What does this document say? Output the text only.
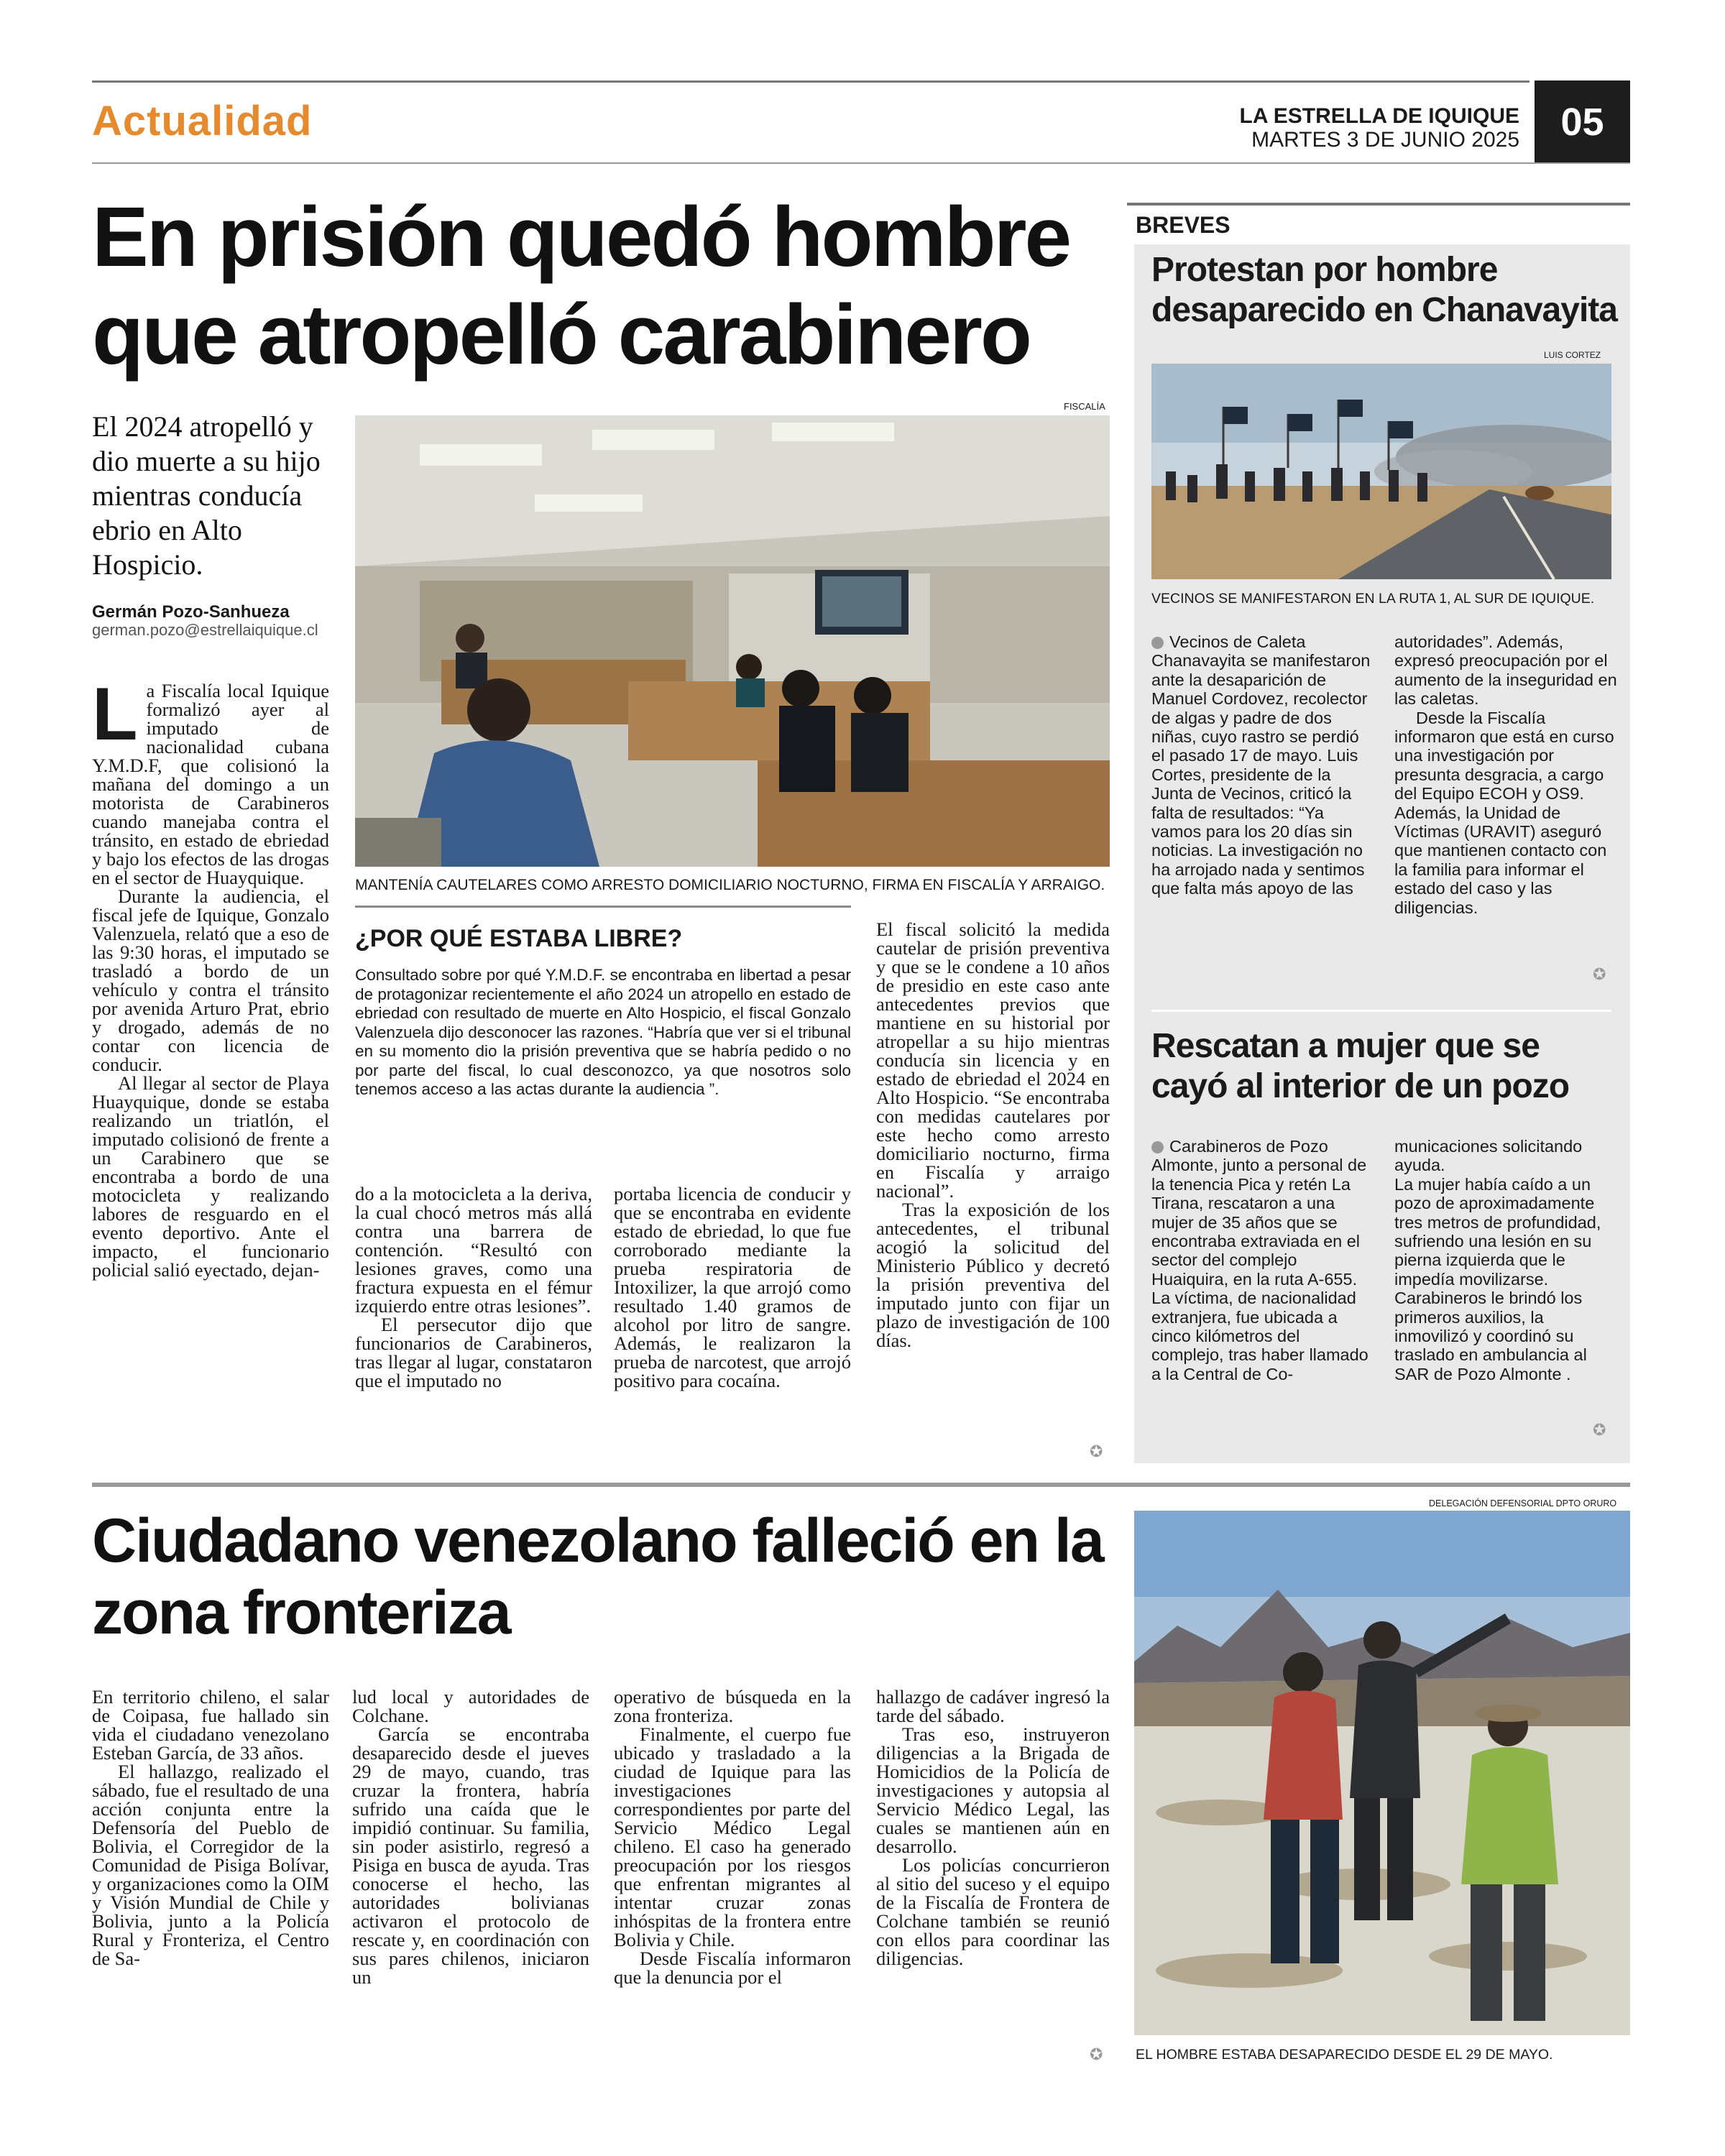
Actualidad	LA ESTRELLA DE IQUIQUE
MARTES 3 DE JUNIO 2025	05
En prisión quedó hombre que atropelló carabinero
El 2024 atropelló y dio muerte a su hijo mientras conducía ebrio en Alto Hospicio.
Germán Pozo-Sanhueza
german.pozo@estrellaiquique.cl
FISCALÍA
MANTENÍA CAUTELARES COMO ARRESTO DOMICILIARIO NOCTURNO, FIRMA EN FISCALÍA Y ARRAIGO.

La Fiscalía local Iquique formalizó ayer al imputado de nacionalidad cubana Y.M.D.F, que colisionó la mañana del domingo a un motorista de Carabineros cuando manejaba contra el tránsito, en estado de ebriedad y bajo los efectos de las drogas en el sector de Huayquique.

Durante la audiencia, el fiscal jefe de Iquique, Gonzalo Valenzuela, relató que a eso de las 9:30 horas, el imputado se trasladó a bordo de un vehículo y contra el tránsito por avenida Arturo Prat, ebrio y drogado, además de no contar con licencia de conducir.

Al llegar al sector de Playa Huayquique, donde se estaba realizando un triatlón, el imputado colisionó de frente a un Carabinero que se encontraba a bordo de una motocicleta y realizando labores de resguardo en el evento deportivo. Ante el impacto, el funcionario policial salió eyectado, dejan-

¿POR QUÉ ESTABA LIBRE?
Consultado sobre por qué Y.M.D.F. se encontraba en libertad a pesar de protagonizar recientemente el año 2024 un atropello en estado de ebriedad con resultado de muerte en Alto Hospicio, el fiscal Gonzalo Valenzuela dijo desconocer las razones. “Habría que ver si el tribunal en su momento dio la prisión preventiva que se habría pedido o no por parte del fiscal, lo cual desconozco, ya que nosotros solo tenemos acceso a las actas durante la audiencia ”.

do a la motocicleta a la deriva, la cual chocó metros más allá contra una barrera de contención. “Resultó con lesiones graves, como una fractura expuesta en el fémur izquierdo entre otras lesiones”.

El persecutor dijo que funcionarios de Carabineros, tras llegar al lugar, constataron que el imputado no

portaba licencia de conducir y que se encontraba en evidente estado de ebriedad, lo que fue corroborado mediante la prueba respiratoria de Intoxilizer, la que arrojó como resultado 1.40 gramos de alcohol por litro de sangre. Además, le realizaron la prueba de narcotest, que arrojó positivo para cocaína.

El fiscal solicitó la medida cautelar de prisión preventiva y que se le condene a 10 años de presidio en este caso ante antecedentes previos que mantiene en su historial por atropellar a su hijo mientras conducía sin licencia y en estado de ebriedad el 2024 en Alto Hospicio. “Se encontraba con medidas cautelares por este hecho como arresto domiciliario nocturno, firma en Fiscalía y arraigo nacional”.

Tras la exposición de los antecedentes, el tribunal acogió la solicitud del Ministerio Público y decretó la prisión preventiva del imputado junto con fijar un plazo de investigación de 100 días.

✪
BREVES
Protestan por hombre desaparecido en Chanavayita
LUIS CORTEZ
VECINOS SE MANIFESTARON EN LA RUTA 1, AL SUR DE IQUIQUE.
Vecinos de Caleta Chanavayita se manifestaron ante la desaparición de Manuel Cordovez, recolector de algas y padre de dos niñas, cuyo rastro se perdió el pasado 17 de mayo. Luis Cortes, presidente de la Junta de Vecinos, criticó la falta de resultados: “Ya vamos para los 20 días sin noticias. La investigación no ha arrojado nada y sentimos que falta más apoyo de las
autoridades”. Además, expresó preocupación por el aumento de la inseguridad en las caletas.
Desde la Fiscalía informaron que está en curso una investigación por presunta desgracia, a cargo del Equipo ECOH y OS9. Además, la Unidad de Víctimas (URAVIT) aseguró que mantienen contacto con la familia para informar el estado del caso y las diligencias.
✪
Rescatan a mujer que se cayó al interior de un pozo
Carabineros de Pozo Almonte, junto a personal de la tenencia Pica y retén La Tirana, rescataron a una mujer de 35 años que se encontraba extraviada en el sector del complejo Huaiquira, en la ruta A-655. La víctima, de nacionalidad extranjera, fue ubicada a cinco kilómetros del complejo, tras haber llamado a la Central de Co-
municaciones solicitando ayuda.
La mujer había caído a un pozo de aproximadamente tres metros de profundidad, sufriendo una lesión en su pierna izquierda que le impedía movilizarse. Carabineros le brindó los primeros auxilios, la inmovilizó y coordinó su traslado en ambulancia al SAR de Pozo Almonte .
✪
Ciudadano venezolano falleció en la zona fronteriza

En territorio chileno, el salar de Coipasa, fue hallado sin vida el ciudadano venezolano Esteban García, de 33 años.

El hallazgo, realizado el sábado, fue el resultado de una acción conjunta entre la Defensoría del Pueblo de Bolivia, el Corregidor de la Comunidad de Pisiga Bolívar, y organizaciones como la OIM y Visión Mundial de Chile y Bolivia, junto a la Policía Rural y Fronteriza, el Centro de Sa-

lud local y autoridades de Colchane.

García se encontraba desaparecido desde el jueves 29 de mayo, cuando, tras cruzar la frontera, habría sufrido una caída que le impidió continuar. Su familia, sin poder asistirlo, regresó a Pisiga en busca de ayuda. Tras conocerse el hecho, las autoridades bolivianas activaron el protocolo de rescate y, en coordinación con sus pares chilenos, iniciaron un

operativo de búsqueda en la zona fronteriza.

Finalmente, el cuerpo fue ubicado y trasladado a la ciudad de Iquique para las investigaciones correspondientes por parte del Servicio Médico Legal chileno. El caso ha generado preocupación por los riesgos que enfrentan migrantes al intentar cruzar zonas inhóspitas de la frontera entre Bolivia y Chile.

Desde Fiscalía informaron que la denuncia por el

hallazgo de cadáver ingresó la tarde del sábado.

Tras eso, instruyeron diligencias a la Brigada de Homicidios de la Policía de investigaciones y autopsia al Servicio Médico Legal, las cuales se mantienen aún en desarrollo.

Los policías concurrieron al sitio del suceso y el equipo de la Fiscalía de Frontera de Colchane también se reunió con ellos para coordinar las diligencias.

✪
DELEGACIÓN DEFENSORIAL DPTO ORURO
EL HOMBRE ESTABA DESAPARECIDO DESDE EL 29 DE MAYO.
